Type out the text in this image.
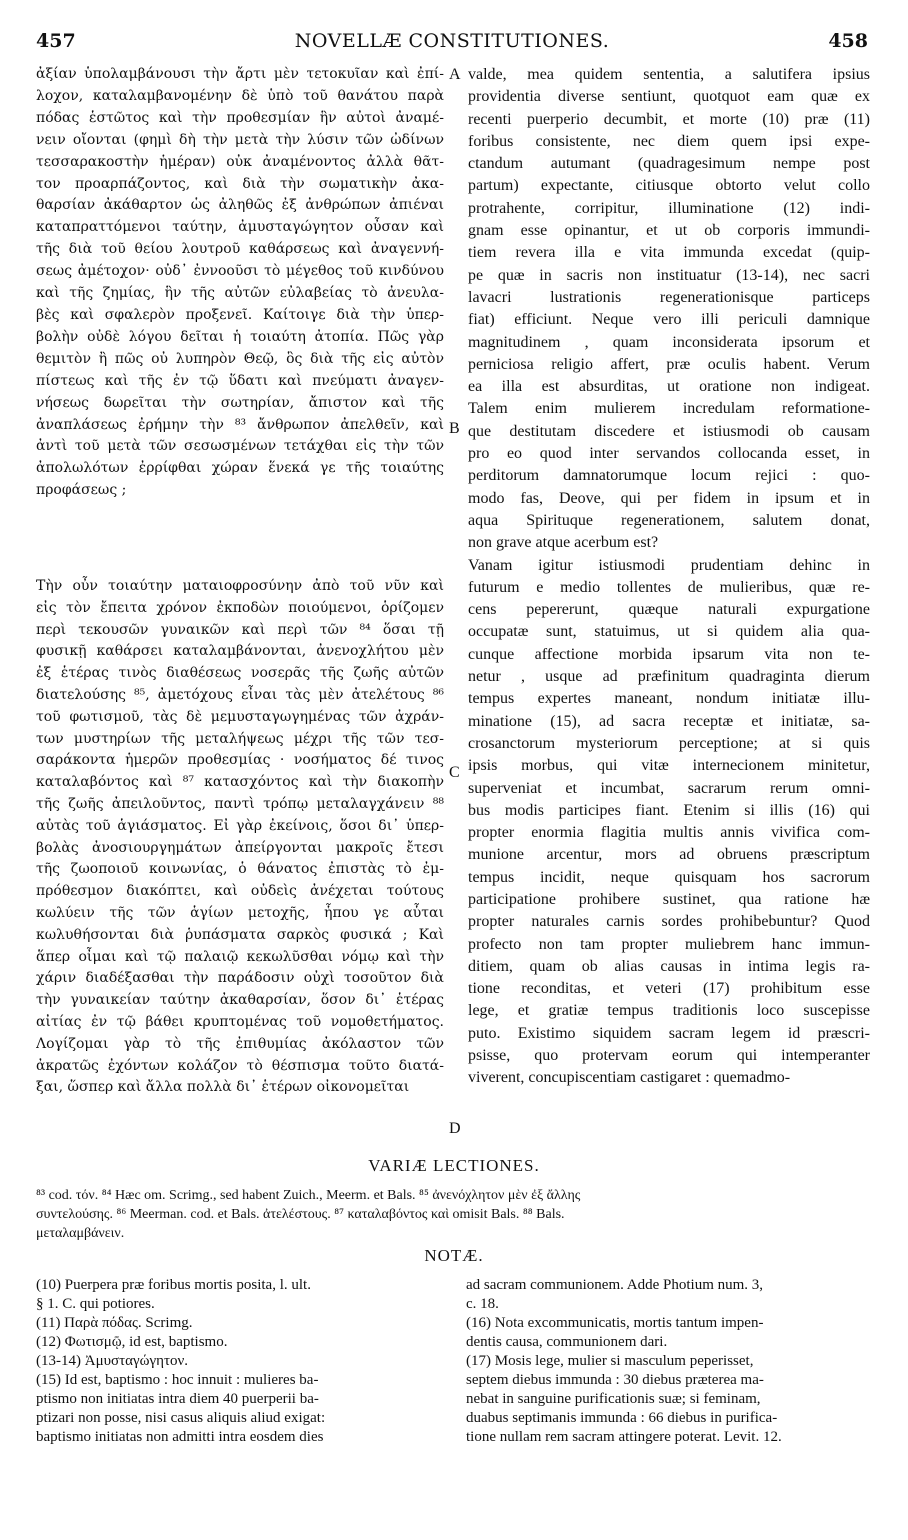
457	NOVELLÆ CONSTITUTIONES.	458
ἀξίαν ὑπολαμβάνουσι τὴν ἄρτι μὲν τετοκυῖαν καὶ ἐπί-
λοχον, καταλαμβανομένην δὲ ὑπὸ τοῦ θανάτου παρὰ
πόδας ἑστῶτος καὶ τὴν προθεσμίαν ἣν αὐτοὶ ἀναμέ-
νειν οἴονται (φημὶ δὴ τὴν μετὰ τὴν λύσιν τῶν ὠδίνων
τεσσαρακοστὴν ἡμέραν) οὐκ ἀναμένοντος ἀλλὰ θᾶτ-
τον προαρπάζοντος, καὶ διὰ τὴν σωματικὴν ἀκα-
θαρσίαν ἀκάθαρτον ὡς ἀληθῶς ἐξ ἀνθρώπων ἀπιέναι
καταπραττόμενοι ταύτην, ἀμυσταγώγητον οὖσαν καὶ
τῆς διὰ τοῦ θείου λουτροῦ καθάρσεως καὶ ἀναγεννή-
σεως ἀμέτοχον· οὐδ᾽ ἐννοοῦσι τὸ μέγεθος τοῦ κινδύνου
καὶ τῆς ζημίας, ἣν τῆς αὐτῶν εὐλαβείας τὸ ἀνευλα-
βὲς καὶ σφαλερὸν προξενεῖ. Καίτοιγε διὰ τὴν ὑπερ-
βολὴν οὐδὲ λόγου δεῖται ἡ τοιαύτη ἀτοπία. Πῶς γὰρ
θεμιτὸν ἢ πῶς οὐ λυπηρὸν Θεῷ, ὃς διὰ τῆς εἰς αὐτὸν
πίστεως καὶ τῆς ἐν τῷ ὕδατι καὶ πνεύματι ἀναγεν-
νήσεως δωρεῖται τὴν σωτηρίαν, ἄπιστον καὶ τῆς
ἀναπλάσεως ἐρήμην τὴν ⁸³ ἄνθρωπον ἀπελθεῖν, καὶ
ἀντὶ τοῦ μετὰ τῶν σεσωσμένων τετάχθαι εἰς τὴν τῶν
ἀπολωλότων ἐρρίφθαι χώραν ἕνεκά γε τῆς τοιαύτης
προφάσεως ;
Τὴν οὖν τοιαύτην ματαιοφροσύνην ἀπὸ τοῦ νῦν καὶ
εἰς τὸν ἔπειτα χρόνον ἐκποδὼν ποιούμενοι, ὁρίζομεν
περὶ τεκουσῶν γυναικῶν καὶ περὶ τῶν ⁸⁴ ὅσαι τῇ
φυσικῇ καθάρσει καταλαμβάνονται, ἀνενοχλήτου μὲν
ἐξ ἑτέρας τινὸς διαθέσεως νοσερᾶς τῆς ζωῆς αὐτῶν
διατελούσης ⁸⁵, ἀμετόχους εἶναι τὰς μὲν ἀτελέτους ⁸⁶
τοῦ φωτισμοῦ, τὰς δὲ μεμυσταγωγημένας τῶν ἀχράν-
των μυστηρίων τῆς μεταλήψεως μέχρι τῆς τῶν τεσ-
σαράκοντα ἡμερῶν προθεσμίας · νοσήματος δέ τινος
καταλαβόντος καὶ ⁸⁷ κατασχόντος καὶ τὴν διακοπὴν
τῆς ζωῆς ἀπειλοῦντος, παντὶ τρόπῳ μεταλαγχάνειν ⁸⁸
αὐτὰς τοῦ ἁγιάσματος. Εἰ γὰρ ἐκείνοις, ὅσοι δι᾽ ὑπερ-
βολὰς ἀνοσιουργημάτων ἀπείργονται μακροῖς ἔτεσι
τῆς ζωοποιοῦ κοινωνίας, ὁ θάνατος ἐπιστὰς τὸ ἐμ-
πρόθεσμον διακόπτει, καὶ οὐδεὶς ἀνέχεται τούτους
κωλύειν τῆς τῶν ἁγίων μετοχῆς, ἧπου γε αὗται
κωλυθήσονται διὰ ῥυπάσματα σαρκὸς φυσικά ; Καὶ
ἅπερ οἶμαι καὶ τῷ παλαιῷ κεκωλῦσθαι νόμῳ καὶ τὴν
χάριν διαδέξασθαι τὴν παράδοσιν οὐχὶ τοσοῦτον διὰ
τὴν γυναικείαν ταύτην ἀκαθαρσίαν, ὅσον δι᾽ ἑτέρας
αἰτίας ἐν τῷ βάθει κρυπτομένας τοῦ νομοθετήματος.
Λογίζομαι γὰρ τὸ τῆς ἐπιθυμίας ἀκόλαστον τῶν
ἀκρατῶς ἐχόντων κολάζον τὸ θέσπισμα τοῦτο διατά-
ξαι, ὥσπερ καὶ ἄλλα πολλὰ δι᾽ ἑτέρων οἰκονομεῖται
valde, mea quidem sententia, a salutifera ipsius
providentia diverse sentiunt, quotquot eam quæ ex
recenti puerperio decumbit, et morte (10) præ (11)
foribus consistente, nec diem quem ipsi expe-
ctandum autumant (quadragesimum nempe post
partum) expectante, citiusque obtorto velut collo
protrahente, corripitur, illuminatione (12) indi-
gnam esse opinantur, et ut ob corporis immundi-
tiem revera illa e vita immunda excedat (quip-
pe quæ in sacris non instituatur (13-14), nec sacri
lavacri lustrationis regenerationisque particeps
fiat) efficiunt. Neque vero illi periculi damnique
magnitudinem , quam inconsiderata ipsorum et
perniciosa religio affert, præ oculis habent. Verum
ea illa est absurditas, ut oratione non indigeat.
Talem enim mulierem incredulam reformatione-
que destitutam discedere et istiusmodi ob causam
pro eo quod inter servandos collocanda esset, in
perditorum damnatorumque locum rejici : quo-
modo fas, Deove, qui per fidem in ipsum et in
aqua Spirituque regenerationem, salutem donat,
non grave atque acerbum est?
Vanam igitur istiusmodi prudentiam dehinc in
futurum e medio tollentes de mulieribus, quæ re-
cens pepererunt, quæque naturali expurgatione
occupatæ sunt, statuimus, ut si quidem alia qua-
cunque affectione morbida ipsarum vita non te-
netur , usque ad præfinitum quadraginta dierum
tempus expertes maneant, nondum initiatæ illu-
minatione (15), ad sacra receptæ et initiatæ, sa-
crosanctorum mysteriorum perceptione; at si quis
ipsis morbus, qui vitæ internecionem minitetur,
superveniat et incumbat, sacrarum rerum omni-
bus modis participes fiant. Etenim si illis (16) qui
propter enormia flagitia multis annis vivifica com-
munione arcentur, mors ad obruens præscriptum
tempus incidit, neque quisquam hos sacrorum
participatione prohibere sustinet, qua ratione hæ
propter naturales carnis sordes prohibebuntur? Quod
profecto non tam propter muliebrem hanc immun-
ditiem, quam ob alias causas in intima legis ra-
tione reconditas, et veteri (17) prohibitum esse
lege, et gratiæ tempus traditionis loco suscepisse
puto. Existimo siquidem sacram legem id præscri-
psisse, quo protervam eorum qui intemperanter
viverent, concupiscentiam castigaret : quemadmo-
A
B
C
D
VARIÆ LECTIONES.
⁸³ cod. τόν. ⁸⁴ Hæc om. Scrimg., sed habent Zuich., Meerm. et Bals. ⁸⁵ ἀνενόχλητον μὲν ἐξ ἄλλης
συντελούσης. ⁸⁶ Meerman. cod. et Bals. ἀτελέστους. ⁸⁷ καταλαβόντος καὶ omisit Bals. ⁸⁸ Bals.
μεταλαμβάνειν.
NOTÆ.
(10) Puerpera præ foribus mortis posita, l. ult.
§ 1. C. qui potiores.
(11) Παρὰ πόδας. Scrimg.
(12) Φωτισμῷ, id est, baptismo.
(13-14) Ἀμυσταγώγητον.
(15) Id est, baptismo : hoc innuit : mulieres ba-
ptismo non initiatas intra diem 40 puerperii ba-
ptizari non posse, nisi casus aliquis aliud exigat:
baptismo initiatas non admitti intra eosdem dies
ad sacram communionem. Adde Photium num. 3,
c. 18.
(16) Nota excommunicatis, mortis tantum impen-
dentis causa, communionem dari.
(17) Mosis lege, mulier si masculum peperisset,
septem diebus immunda : 30 diebus præterea ma-
nebat in sanguine purificationis suæ; si feminam,
duabus septimanis immunda : 66 diebus in purifica-
tione nullam rem sacram attingere poterat. Levit. 12.
